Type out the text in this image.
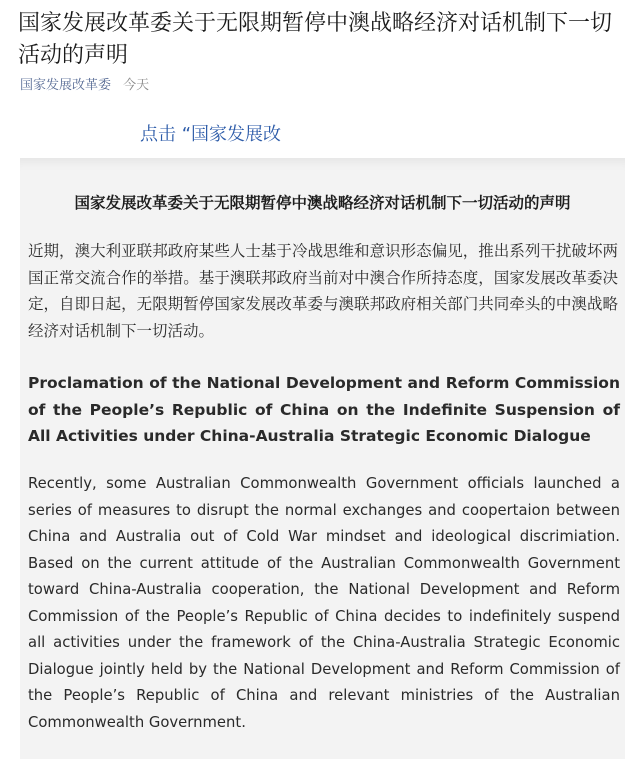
国家发展改革委关于无限期暂停中澳战略经济对话机制下一切活动的声明
国家发展改革委 今天
点击 “国家发展改
国家发展改革委关于无限期暂停中澳战略经济对话机制下一切活动的声明

近期，澳大利亚联邦政府某些人士基于冷战思维和意识形态偏见，推出系列干扰破坏两国正常交流合作的举措。基于澳联邦政府当前对中澳合作所持态度，国家发展改革委决定，自即日起，无限期暂停国家发展改革委与澳联邦政府相关部门共同牵头的中澳战略经济对话机制下一切活动。

Proclamation of the National Development and Reform Commission of the People’s Republic of China on the Indefinite Suspension of All Activities under China-Australia Strategic Economic Dialogue

Recently, some Australian Commonwealth Government officials launched a series of measures to disrupt the normal exchanges and coopertaion between China and Australia out of Cold War mindset and ideological discrimiation. Based on the current attitude of the Australian Commonwealth Government toward China-Australia cooperation, the National Development and Reform Commission of the People’s Republic of China decides to indefinitely suspend all activities under the framework of the China-Australia Strategic Economic Dialogue jointly held by the National Development and Reform Commission of the People’s Republic of China and relevant ministries of the Australian Commonwealth Government.
